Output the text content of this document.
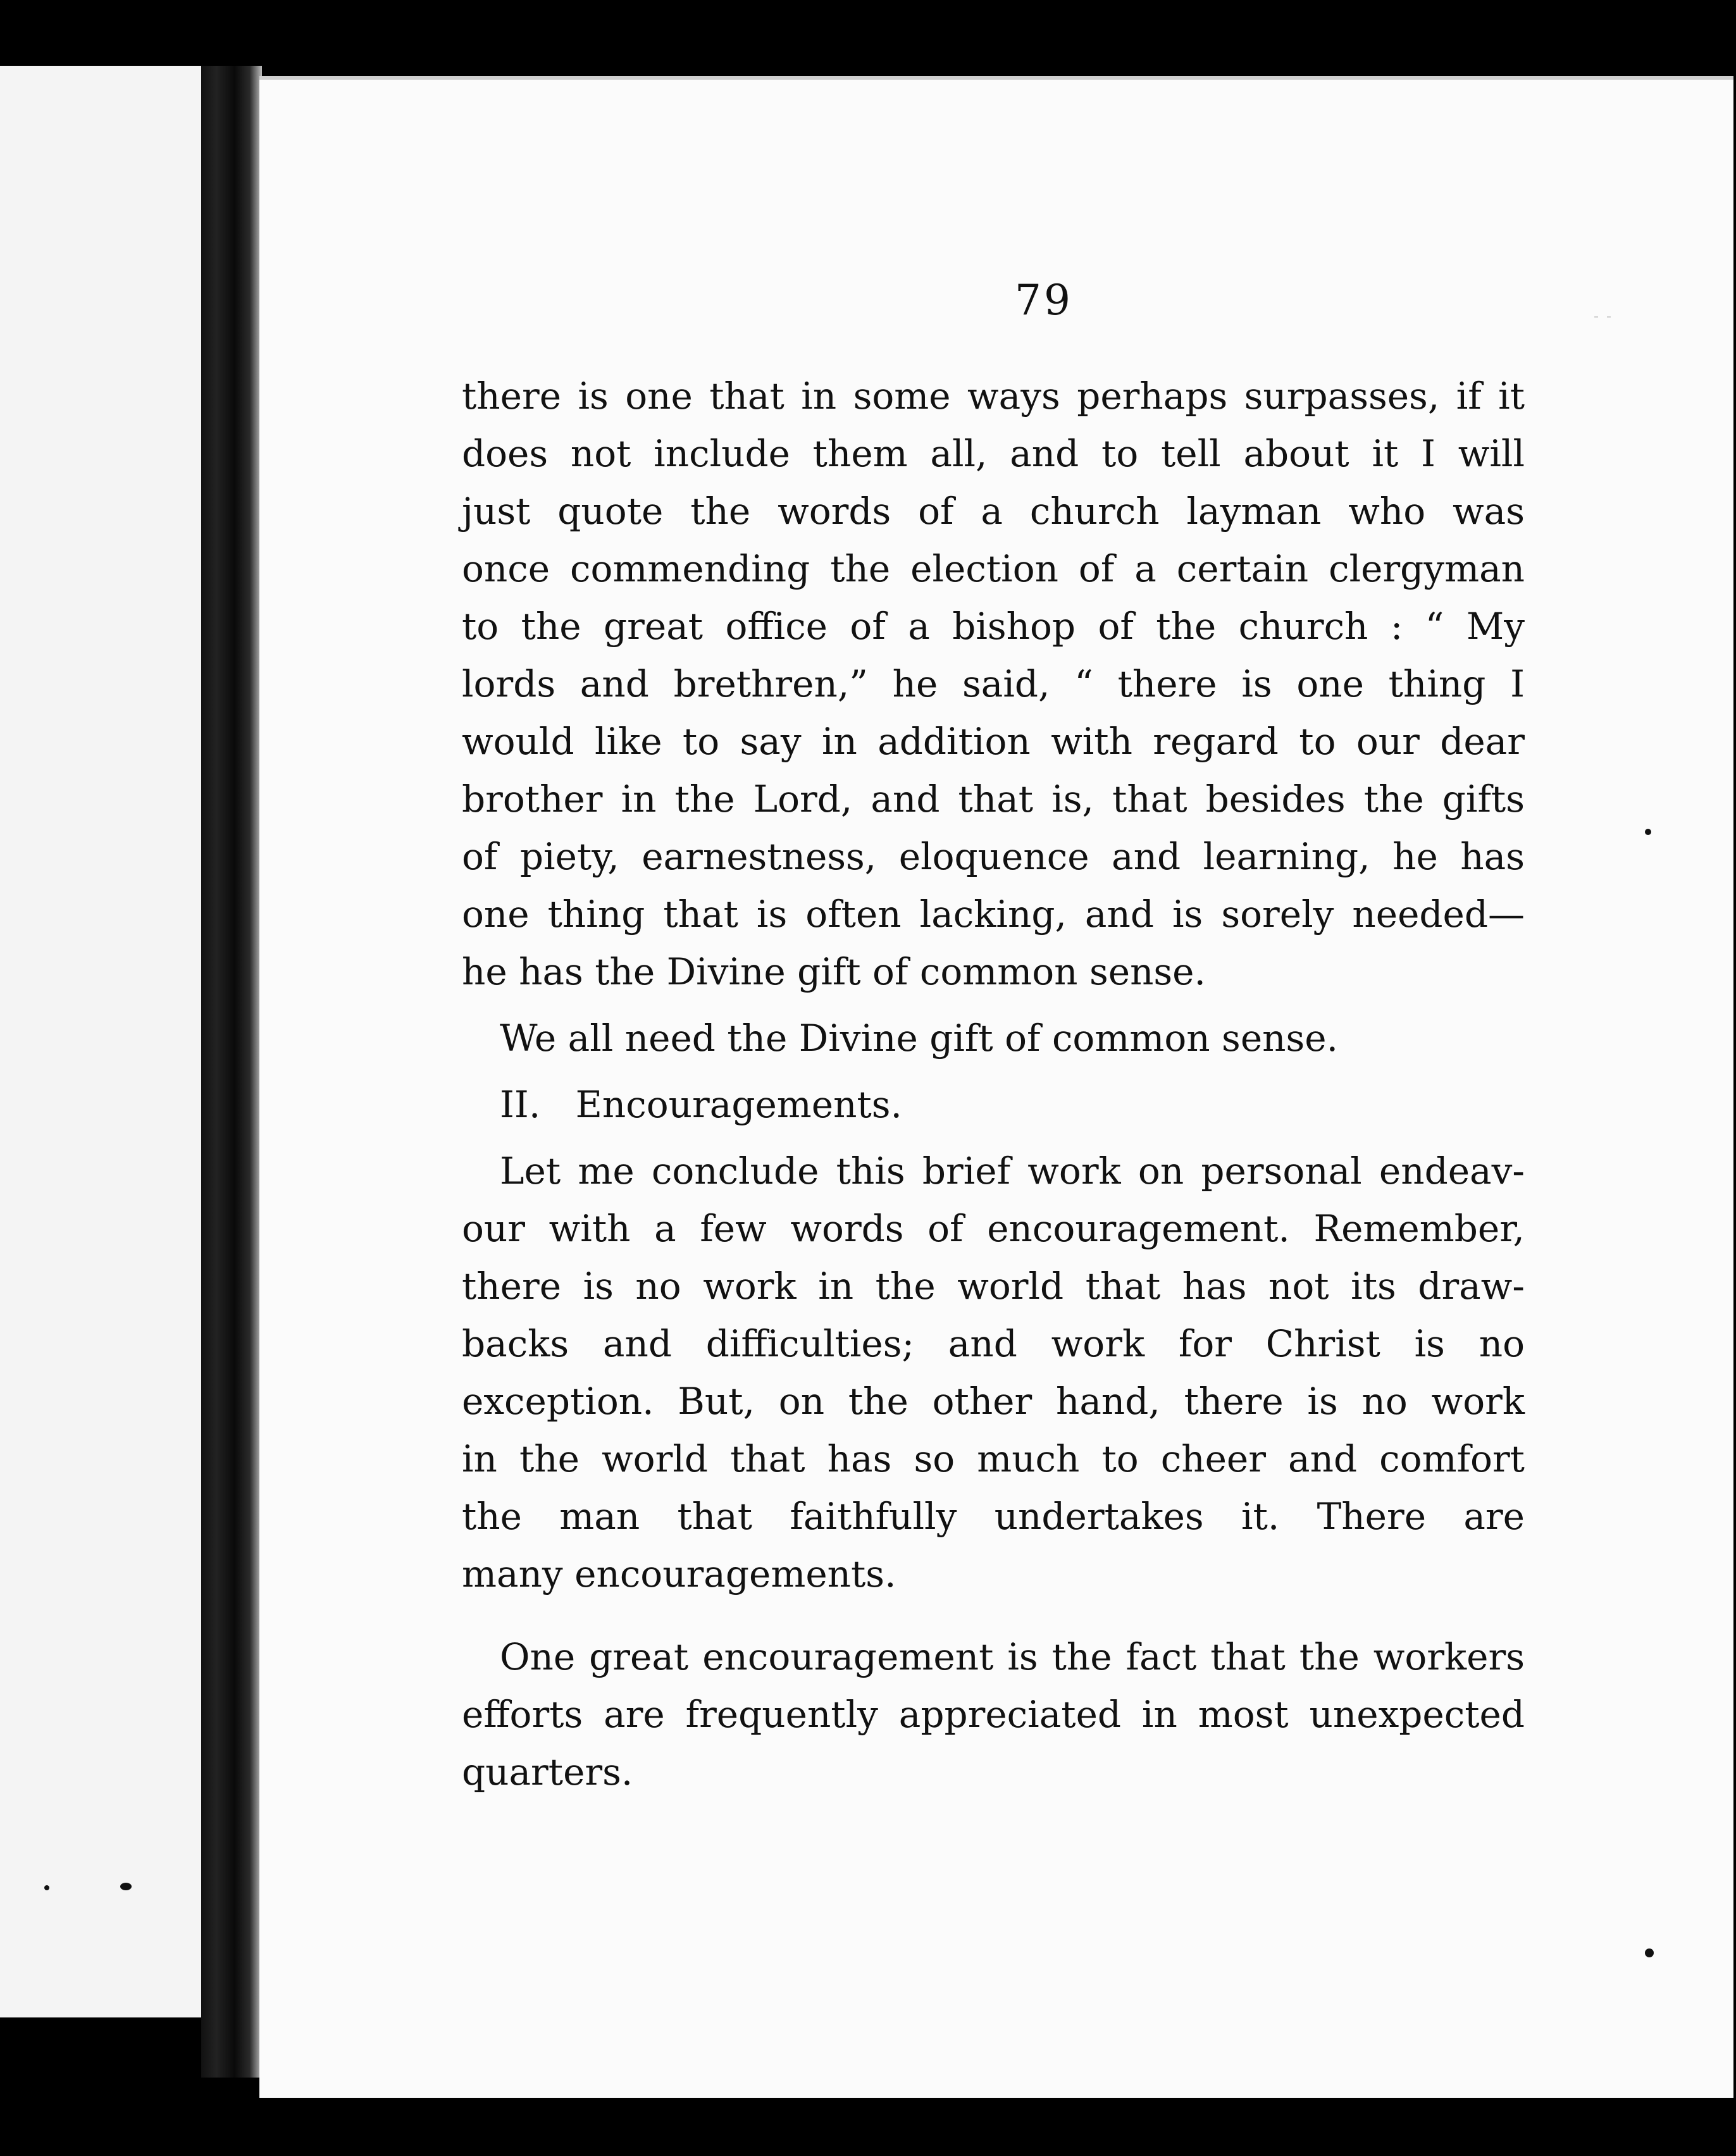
79
there is one that in some ways perhaps surpasses, if it
does not include them all, and to tell about it I will
just quote the words of a church layman who was
once commending the election of a certain clergyman
to the great office of a bishop of the church : “ My
lords and brethren,” he said, “ there is one thing I
would like to say in addition with regard to our dear
brother in the Lord, and that is, that besides the gifts
of piety, earnestness, eloquence and learning, he has
one thing that is often lacking, and is sorely needed—
he has the Divine gift of common sense.
We all need the Divine gift of common sense.
II.   Encouragements.
Let me conclude this brief work on personal endeav-
our with a few words of encouragement. Remember,
there is no work in the world that has not its draw-
backs and difficulties; and work for Christ is no
exception. But, on the other hand, there is no work
in the world that has so much to cheer and comfort
the man that faithfully undertakes it. There are
many encouragements.
One great encouragement is the fact that the workers
efforts are frequently appreciated in most unexpected
quarters.
